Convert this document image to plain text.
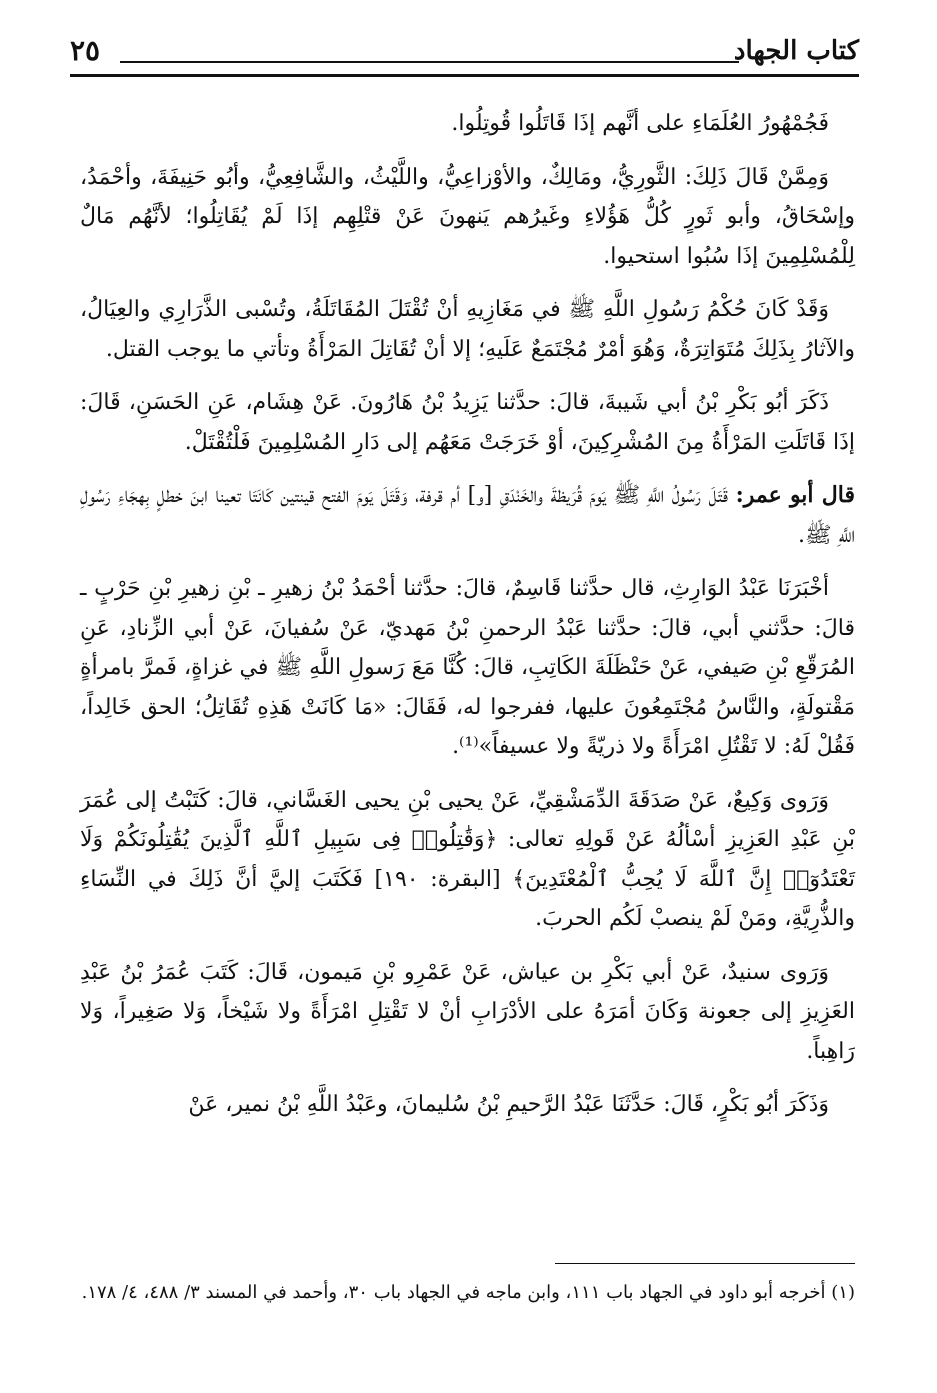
كتاب الجهاد
٢٥

فَجُمْهُورُ العُلَمَاءِ على أنَّهم إذَا قَاتَلُوا قُوتِلُوا.

وَمِمَّنْ قَالَ ذَلِكَ: الثَّورِيُّ، ومَالِكٌ، والأوْزاعِيُّ، واللَّيْثُ، والشَّافِعِيُّ، وأبُو حَنِيفَةَ، وأحْمَدُ، وإسْحَاقُ، وأبو ثَورٍ كُلُّ هَؤُلاءِ وغَيرُهم يَنهونَ عَنْ قتْلِهِم إذَا لَمْ يُقَاتِلُوا؛ لأنَّهُم مَالٌ لِلْمُسْلِمِينَ إذَا سُبُوا استحيوا.

وَقَدْ كَانَ حُكْمُ رَسُولِ اللَّهِ ﷺ في مَغَازِيهِ أنْ تُقْتَلَ المُقَاتَلَةُ، وتُسْبى الذَّرَارِي والعِيَالُ، والآثارُ بِذَلِكَ مُتَوَاتِرَةٌ، وَهُوَ أمْرٌ مُجْتَمَعٌ عَلَيهِ؛ إلا أنْ تُقَاتِلَ المَرْأَةُ وتأتي ما يوجب القتل.

ذَكَرَ أبُو بَكْرِ بْنُ أبي شَيبةَ، قالَ: حدَّثنا يَزِيدُ بْنُ هَارُونَ. عَنْ هِشَام، عَنِ الحَسَنِ، قَالَ: إذَا قَاتَلَتِ المَرْأَةُ مِنَ المُشْرِكِينَ، أوْ خَرَجَتْ مَعَهُم إلى دَارِ المُسْلِمِينَ فَلْتُقْتَلْ.

قال أبو عمر: قَتَلَ رَسُولُ اللَّهِ ﷺ يَومَ قُرَيظةَ والخَنْدَقِ [و] أم قرفة، وَقَتَلَ يَومَ الفتح قينتين كَانَتَا تعينا ابنَ خطلٍ بِهجَاءِ رَسُولِ اللَّهِ ﷺ.

أخْبَرَنَا عَبْدُ الوَارِثِ، قال حدَّثنا قَاسِمٌ، قالَ: حدَّثنا أحْمَدُ بْنُ زهيرِ ـ بْنِ زهيرِ بْنِ حَرْبٍ ـ قالَ: حدَّثني أبي، قالَ: حدَّثنا عَبْدُ الرحمنِ بْنُ مَهديّ، عَنْ سُفيانَ، عَنْ أبي الزِّنادِ، عَنِ المُرَقّعِ بْنِ صَيفي، عَنْ حَنْظَلَةَ الكَاتِبِ، قالَ: كُنَّا مَعَ رَسولِ اللَّهِ ﷺ في غزاةٍ، فَمرَّ بامرأةٍ مَقْتولَةٍ، والنَّاسُ مُجْتَمِعُونَ عليها، ففرجوا له، فَقَالَ: «مَا كَانَتْ هَذِهِ تُقَاتِلُ؛ الحق خَالِداً، فَقُلْ لَهُ: لا تَقْتُلِ امْرَأَةً ولا ذريّةً ولا عسيفاً»⁽¹⁾.

وَرَوى وَكِيعٌ، عَنْ صَدَقَةَ الدِّمَشْقِيِّ، عَنْ يحيى بْنِ يحيى الغَسَّاني، قالَ: كَتَبْتُ إلى عُمَرَ بْنِ عَبْدِ العَزِيزِ أسْألُهُ عَنْ قَولِهِ تعالى: ﴿وَقَٰتِلُوا۟ فِى سَبِيلِ ٱللَّهِ ٱلَّذِينَ يُقَٰتِلُونَكُمْ وَلَا تَعْتَدُوٓا۟ إِنَّ ٱللَّهَ لَا يُحِبُّ ٱلْمُعْتَدِينَ﴾ [البقرة: ١٩٠] فَكَتَبَ إليَّ أنَّ ذَلِكَ في النِّسَاءِ والذُّرِيَّةِ، ومَنْ لَمْ ينصبْ لَكُم الحربَ.

وَرَوى سنيدٌ، عَنْ أبي بَكْرِ بن عياش، عَنْ عَمْرِو بْنِ مَيمون، قَالَ: كَتَبَ عُمَرُ بْنُ عَبْدِ العَزِيزِ إلى جعونة وَكَانَ أمَرَهُ على الأدْرَابِ أنْ لا تَقْتِلِ امْرَأَةً ولا شَيْخاً، وَلا صَغِيراً، وَلا رَاهِباً.

وَذَكَرَ أبُو بَكْرٍ، قَالَ: حَدَّثَنَا عَبْدُ الرَّحيمِ بْنُ سُليمانَ، وعَبْدُ اللَّهِ بْنُ نمير، عَنْ

(١) أخرجه أبو داود في الجهاد باب ١١١، وابن ماجه في الجهاد باب ٣٠، وأحمد في المسند ٣/ ٤٨٨، ٤/ ١٧٨.
